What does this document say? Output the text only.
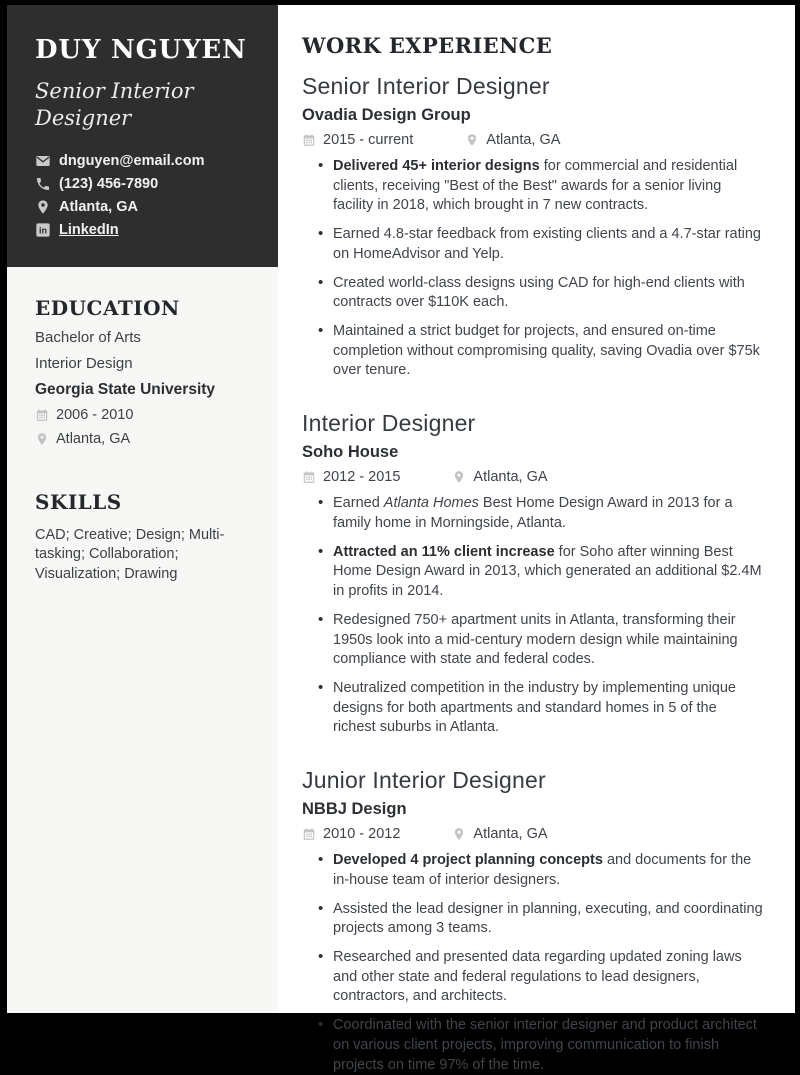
DUY NGUYEN
Senior Interior Designer
dnguyen@email.com
(123) 456-7890
Atlanta, GA
in LinkedIn
EDUCATION
Bachelor of Arts
Interior Design
Georgia State University
2006 - 2010
Atlanta, GA
SKILLS
CAD; Creative; Design; Multi-tasking; Collaboration; Visualization; Drawing
WORK EXPERIENCE
Senior Interior Designer
Ovadia Design Group
2015 - current	Atlanta, GA
• Delivered 45+ interior designs for commercial and residential clients, receiving "Best of the Best" awards for a senior living facility in 2018, which brought in 7 new contracts.
• Earned 4.8-star feedback from existing clients and a 4.7-star rating on HomeAdvisor and Yelp.
• Created world-class designs using CAD for high-end clients with contracts over $110K each.
• Maintained a strict budget for projects, and ensured on-time completion without compromising quality, saving Ovadia over $75k over tenure.
Interior Designer
Soho House
2012 - 2015	Atlanta, GA
• Earned Atlanta Homes Best Home Design Award in 2013 for a family home in Morningside, Atlanta.
• Attracted an 11% client increase for Soho after winning Best Home Design Award in 2013, which generated an additional $2.4M in profits in 2014.
• Redesigned 750+ apartment units in Atlanta, transforming their 1950s look into a mid-century modern design while maintaining compliance with state and federal codes.
• Neutralized competition in the industry by implementing unique designs for both apartments and standard homes in 5 of the richest suburbs in Atlanta.
Junior Interior Designer
NBBJ Design
2010 - 2012	Atlanta, GA
• Developed 4 project planning concepts and documents for the in-house team of interior designers.
• Assisted the lead designer in planning, executing, and coordinating projects among 3 teams.
• Researched and presented data regarding updated zoning laws and other state and federal regulations to lead designers, contractors, and architects.
• Coordinated with the senior interior designer and product architect on various client projects, improving communication to finish projects on time 97% of the time.
